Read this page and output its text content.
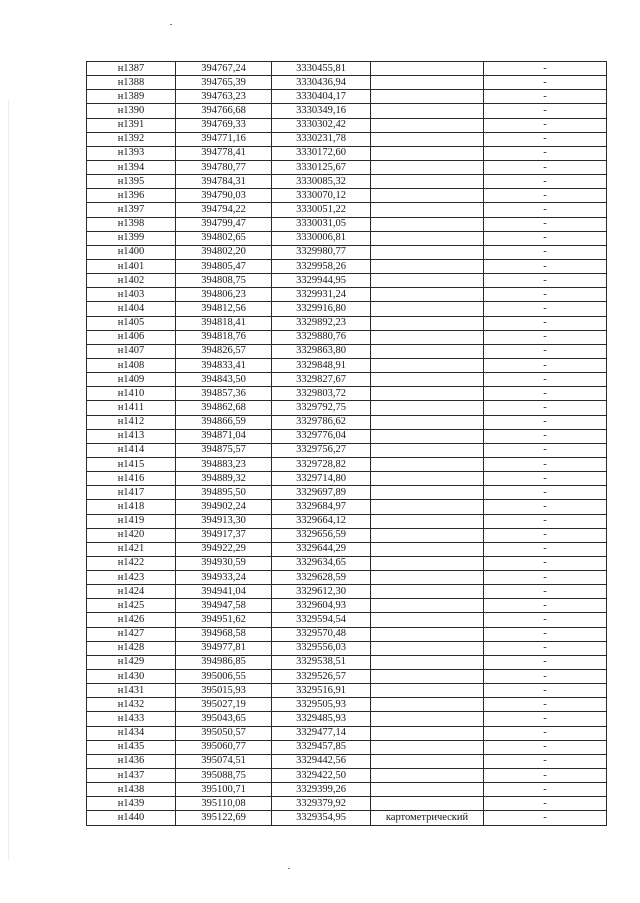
н1387	394767,24	3330455,81		-
н1388	394765,39	3330436,94		-
н1389	394763,23	3330404,17		-
н1390	394766,68	3330349,16		-
н1391	394769,33	3330302,42		-
н1392	394771,16	3330231,78		-
н1393	394778,41	3330172,60		-
н1394	394780,77	3330125,67		-
н1395	394784,31	3330085,32		-
н1396	394790,03	3330070,12		-
н1397	394794,22	3330051,22		-
н1398	394799,47	3330031,05		-
н1399	394802,65	3330006,81		-
н1400	394802,20	3329980,77		-
н1401	394805,47	3329958,26		-
н1402	394808,75	3329944,95		-
н1403	394806,23	3329931,24		-
н1404	394812,56	3329916,80		-
н1405	394818,41	3329892,23		-
н1406	394818,76	3329880,76		-
н1407	394826,57	3329863,80		-
н1408	394833,41	3329848,91		-
н1409	394843,50	3329827,67		-
н1410	394857,36	3329803,72		-
н1411	394862,68	3329792,75		-
н1412	394866,59	3329786,62		-
н1413	394871,04	3329776,04		-
н1414	394875,57	3329756,27		-
н1415	394883,23	3329728,82		-
н1416	394889,32	3329714,80		-
н1417	394895,50	3329697,89		-
н1418	394902,24	3329684,97		-
н1419	394913,30	3329664,12		-
н1420	394917,37	3329656,59		-
н1421	394922,29	3329644,29		-
н1422	394930,59	3329634,65		-
н1423	394933,24	3329628,59		-
н1424	394941,04	3329612,30		-
н1425	394947,58	3329604,93		-
н1426	394951,62	3329594,54		-
н1427	394968,58	3329570,48		-
н1428	394977,81	3329556,03		-
н1429	394986,85	3329538,51		-
н1430	395006,55	3329526,57		-
н1431	395015,93	3329516,91		-
н1432	395027,19	3329505,93		-
н1433	395043,65	3329485,93		-
н1434	395050,57	3329477,14		-
н1435	395060,77	3329457,85		-
н1436	395074,51	3329442,56		-
н1437	395088,75	3329422,50		-
н1438	395100,71	3329399,26		-
н1439	395110,08	3329379,92		-
н1440	395122,69	3329354,95	картометрический	-
